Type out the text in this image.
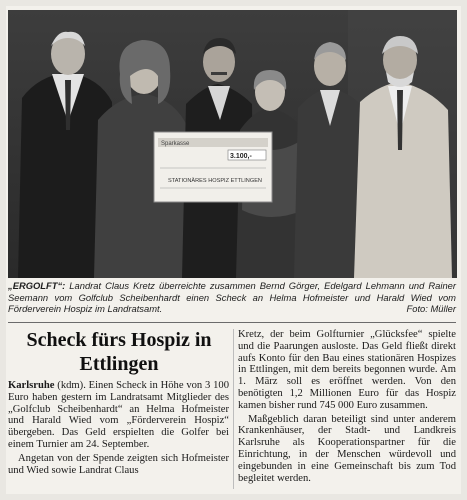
Sparkasse
3.100,-
STATIONÄRES HOSPIZ ETTLINGEN
„ERGOLFT“: Landrat Claus Kretz überreichte zusammen Bernd Görger, Edelgard Lehmann und Rainer Seemann vom Golfclub Scheibenhardt einen Scheck an Helma Hofmeister und Harald Wied vom Förderverein Hospiz im Landratsamt.	Foto: Müller
Scheck fürs Hospiz in Ettlingen

Karlsruhe (kdm). Einen Scheck in Höhe von 3 100 Euro haben gestern im Landratsamt Mitglieder des „Golfclub Scheibenhardt“ an Helma Hofmeister und Harald Wied vom „Förderverein Hospiz“ übergeben. Das Geld erspielten die Golfer bei einem Turnier am 24. September.

Angetan von der Spende zeigten sich Hofmeister und Wied sowie Landrat Claus

Kretz, der beim Golfturnier „Glücksfee“ spielte und die Paarungen ausloste. Das Geld fließt direkt aufs Konto für den Bau eines stationären Hospizes in Ettlingen, mit dem bereits begonnen wurde. Am 1. März soll es eröffnet werden. Von den benötigten 1,2 Millionen Euro für das Hospiz kamen bisher rund 745 000 Euro zusammen.

Maßgeblich daran beteiligt sind unter anderem Krankenhäuser, der Stadt- und Landkreis Karlsruhe als Kooperationspartner für die Einrichtung, in der Menschen würdevoll und eingebunden in eine Gemeinschaft bis zum Tod begleitet werden.
